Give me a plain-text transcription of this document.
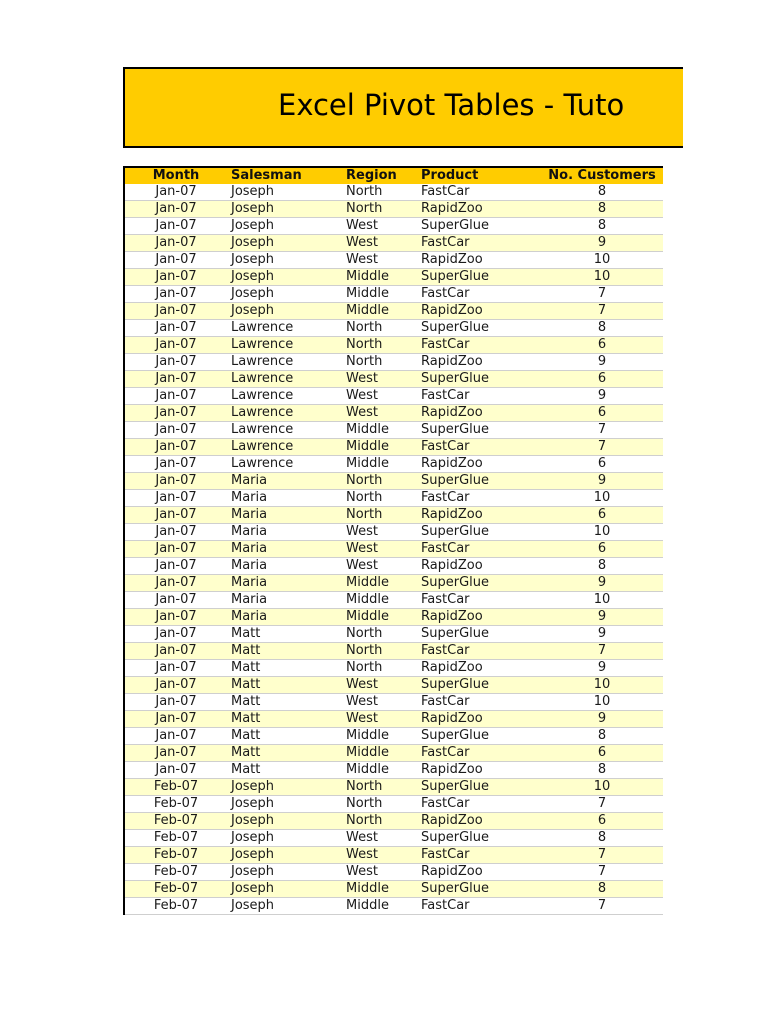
Excel Pivot Tables - Tuto
Month	Salesman	Region Product	No. Customers
Jan-07	Joseph	North	FastCar	8
Jan-07	Joseph	North	RapidZoo	8
Jan-07	Joseph	West	SuperGlue	8
Jan-07	Joseph	West	FastCar	9
Jan-07	Joseph	West	RapidZoo	10
Jan-07	Joseph	Middle SuperGlue	10
Jan-07	Joseph	Middle FastCar	7
Jan-07	Joseph	Middle RapidZoo	7
Jan-07	Lawrence	North	SuperGlue	8
Jan-07	Lawrence	North	FastCar	6
Jan-07	Lawrence	North	RapidZoo	9
Jan-07	Lawrence	West	SuperGlue	6
Jan-07	Lawrence	West	FastCar	9
Jan-07	Lawrence	West	RapidZoo	6
Jan-07	Lawrence	Middle SuperGlue	7
Jan-07	Lawrence	Middle FastCar	7
Jan-07	Lawrence	Middle RapidZoo	6
Jan-07	Maria	North	SuperGlue	9
Jan-07	Maria	North	FastCar	10
Jan-07	Maria	North	RapidZoo	6
Jan-07	Maria	West	SuperGlue	10
Jan-07	Maria	West	FastCar	6
Jan-07	Maria	West	RapidZoo	8
Jan-07	Maria	Middle SuperGlue	9
Jan-07	Maria	Middle FastCar	10
Jan-07	Maria	Middle RapidZoo	9
Jan-07	Matt	North	SuperGlue	9
Jan-07	Matt	North	FastCar	7
Jan-07	Matt	North	RapidZoo	9
Jan-07	Matt	West	SuperGlue	10
Jan-07	Matt	West	FastCar	10
Jan-07	Matt	West	RapidZoo	9
Jan-07	Matt	Middle SuperGlue	8
Jan-07	Matt	Middle FastCar	6
Jan-07	Matt	Middle RapidZoo	8
Feb-07	Joseph	North	SuperGlue	10
Feb-07	Joseph	North	FastCar	7
Feb-07	Joseph	North	RapidZoo	6
Feb-07	Joseph	West	SuperGlue	8
Feb-07	Joseph	West	FastCar	7
Feb-07	Joseph	West	RapidZoo	7
Feb-07	Joseph	Middle SuperGlue	8
Feb-07	Joseph	Middle FastCar	7
